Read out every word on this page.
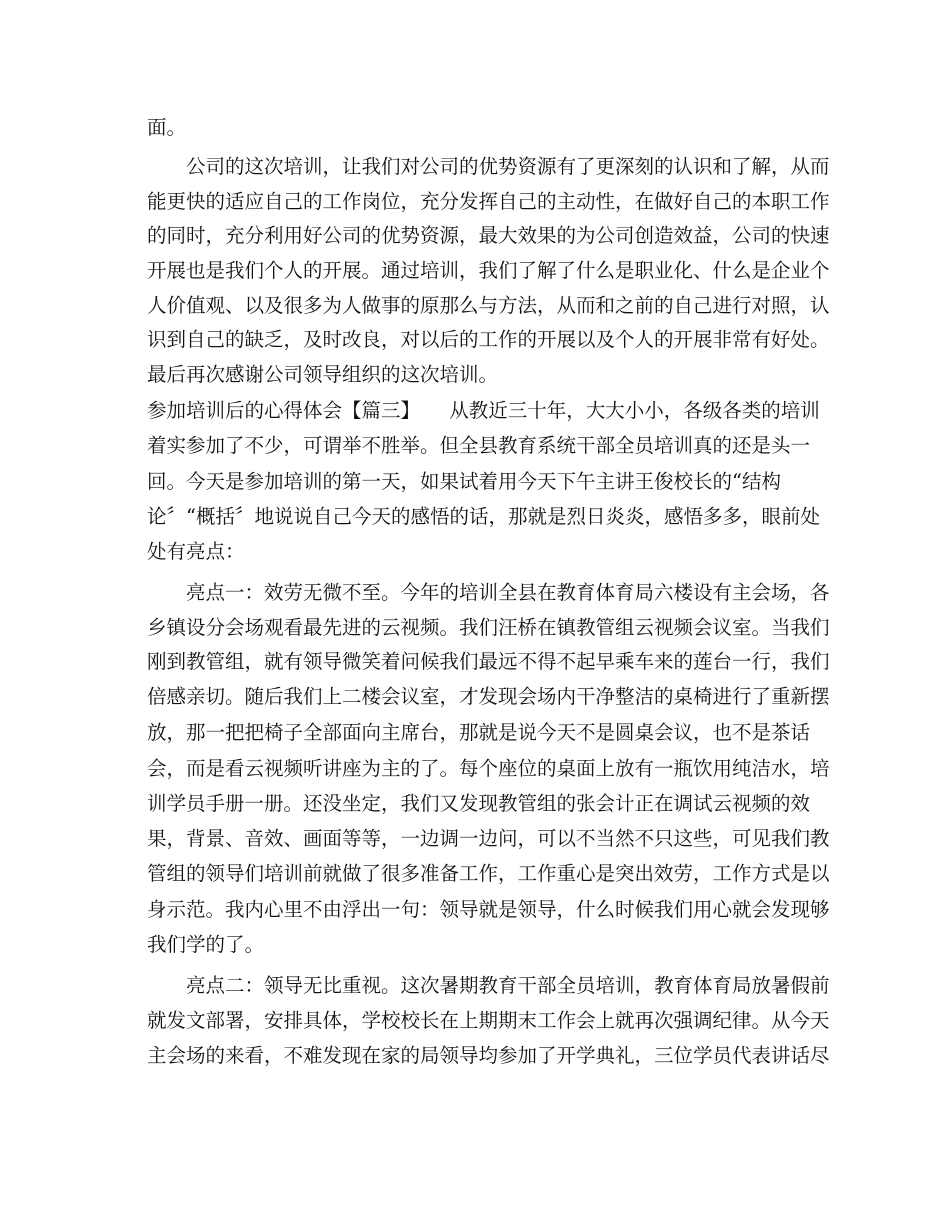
面。
公司的这次培训，让我们对公司的优势资源有了更深刻的认识和了解，从而
能更快的适应自己的工作岗位，充分发挥自己的主动性，在做好自己的本职工作
的同时，充分利用好公司的优势资源，最大效果的为公司创造效益，公司的快速
开展也是我们个人的开展。通过培训，我们了解了什么是职业化、什么是企业个
人价值观、以及很多为人做事的原那么与方法，从而和之前的自己进行对照，认
识到自己的缺乏，及时改良，对以后的工作的开展以及个人的开展非常有好处。
最后再次感谢公司领导组织的这次培训。
参加培训后的心得体会【篇三】　　从教近三十年，大大小小，各级各类的培训
着实参加了不少，可谓举不胜举。但全县教育系统干部全员培训真的还是头一
回。今天是参加培训的第一天，如果试着用今天下午主讲王俊校长的“结构
论〞“概括〞地说说自己今天的感悟的话，那就是烈日炎炎，感悟多多，眼前处
处有亮点：
亮点一：效劳无微不至。今年的培训全县在教育体育局六楼设有主会场，各
乡镇设分会场观看最先进的云视频。我们汪桥在镇教管组云视频会议室。当我们
刚到教管组，就有领导微笑着问候我们最远不得不起早乘车来的莲台一行，我们
倍感亲切。随后我们上二楼会议室，才发现会场内干净整洁的桌椅进行了重新摆
放，那一把把椅子全部面向主席台，那就是说今天不是圆桌会议，也不是茶话
会，而是看云视频听讲座为主的了。每个座位的桌面上放有一瓶饮用纯洁水，培
训学员手册一册。还没坐定，我们又发现教管组的张会计正在调试云视频的效
果，背景、音效、画面等等，一边调一边问，可以不当然不只这些，可见我们教
管组的领导们培训前就做了很多准备工作，工作重心是突出效劳，工作方式是以
身示范。我内心里不由浮出一句：领导就是领导，什么时候我们用心就会发现够
我们学的了。
亮点二：领导无比重视。这次暑期教育干部全员培训，教育体育局放暑假前
就发文部署，安排具体，学校校长在上期期末工作会上就再次强调纪律。从今天
主会场的来看，不难发现在家的局领导均参加了开学典礼，三位学员代表讲话尽
